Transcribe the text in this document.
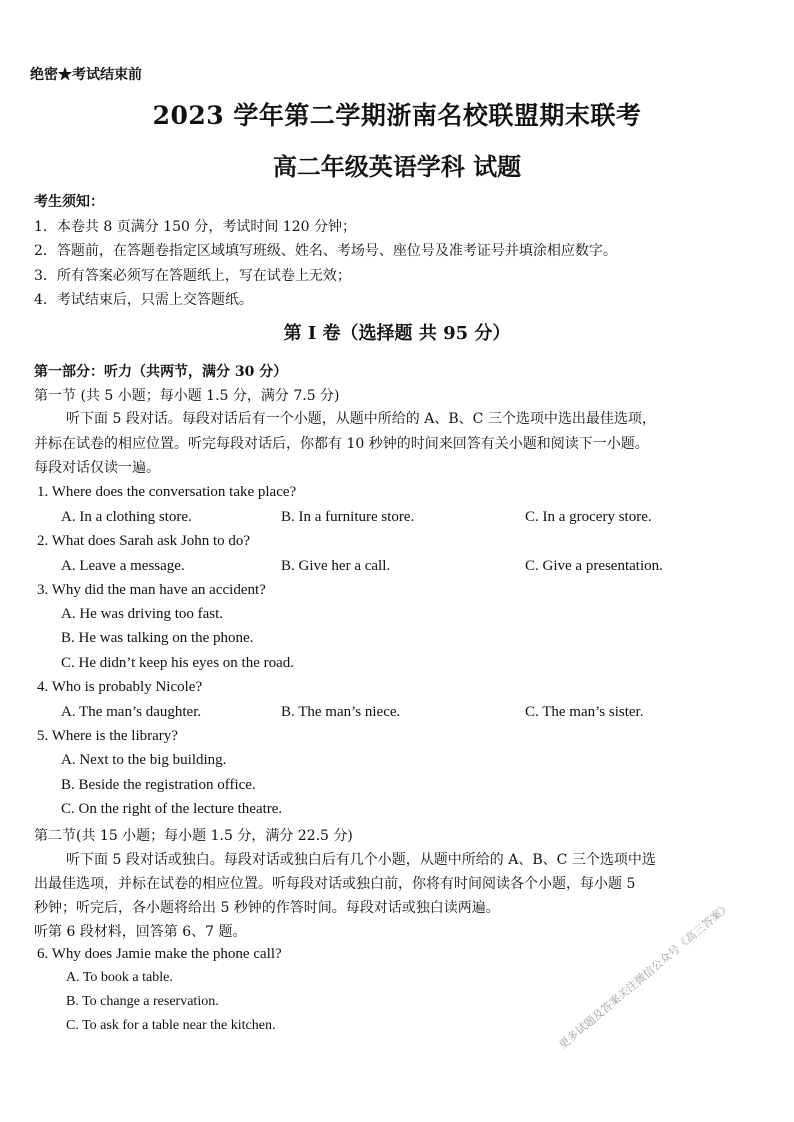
绝密★考试结束前
2023 学年第二学期浙南名校联盟期末联考
高二年级英语学科 试题
考生须知：
1．本卷共 8 页满分 150 分，考试时间 120 分钟；
2．答题前，在答题卷指定区域填写班级、姓名、考场号、座位号及准考证号并填涂相应数字。
3．所有答案必须写在答题纸上，写在试卷上无效；
4．考试结束后，只需上交答题纸。
第 I 卷（选择题 共 95 分）
第一部分：听力（共两节，满分 30 分）
第一节 (共 5 小题；每小题 1.5 分，满分 7.5 分)
听下面 5 段对话。每段对话后有一个小题，从题中所给的 A、B、C 三个选项中选出最佳选项，
并标在试卷的相应位置。听完每段对话后，你都有 10 秒钟的时间来回答有关小题和阅读下一小题。
每段对话仅读一遍。
1. Where does the conversation take place?
A. In a clothing store.	B. In a furniture store.	C. In a grocery store.
2. What does Sarah ask John to do?
A. Leave a message.	B. Give her a call.	C. Give a presentation.
3. Why did the man have an accident?
A. He was driving too fast.
B. He was talking on the phone.
C. He didn’t keep his eyes on the road.
4. Who is probably Nicole?
A. The man’s daughter.	B. The man’s niece.	C. The man’s sister.
5. Where is the library?
A. Next to the big building.
B. Beside the registration office.
C. On the right of the lecture theatre.
第二节(共 15 小题；每小题 1.5 分，满分 22.5 分)
听下面 5 段对话或独白。每段对话或独白后有几个小题，从题中所给的 A、B、C 三个选项中选
出最佳选项，并标在试卷的相应位置。听每段对话或独白前，你将有时间阅读各个小题，每小题 5
秒钟；听完后，各小题将给出 5 秒钟的作答时间。每段对话或独白读两遍。
听第 6 段材料，回答第 6、7 题。
6. Why does Jamie make the phone call?
A. To book a table.
B. To change a reservation.
C. To ask for a table near the kitchen.	更多试题及答案关注微信公众号《高三答案》
